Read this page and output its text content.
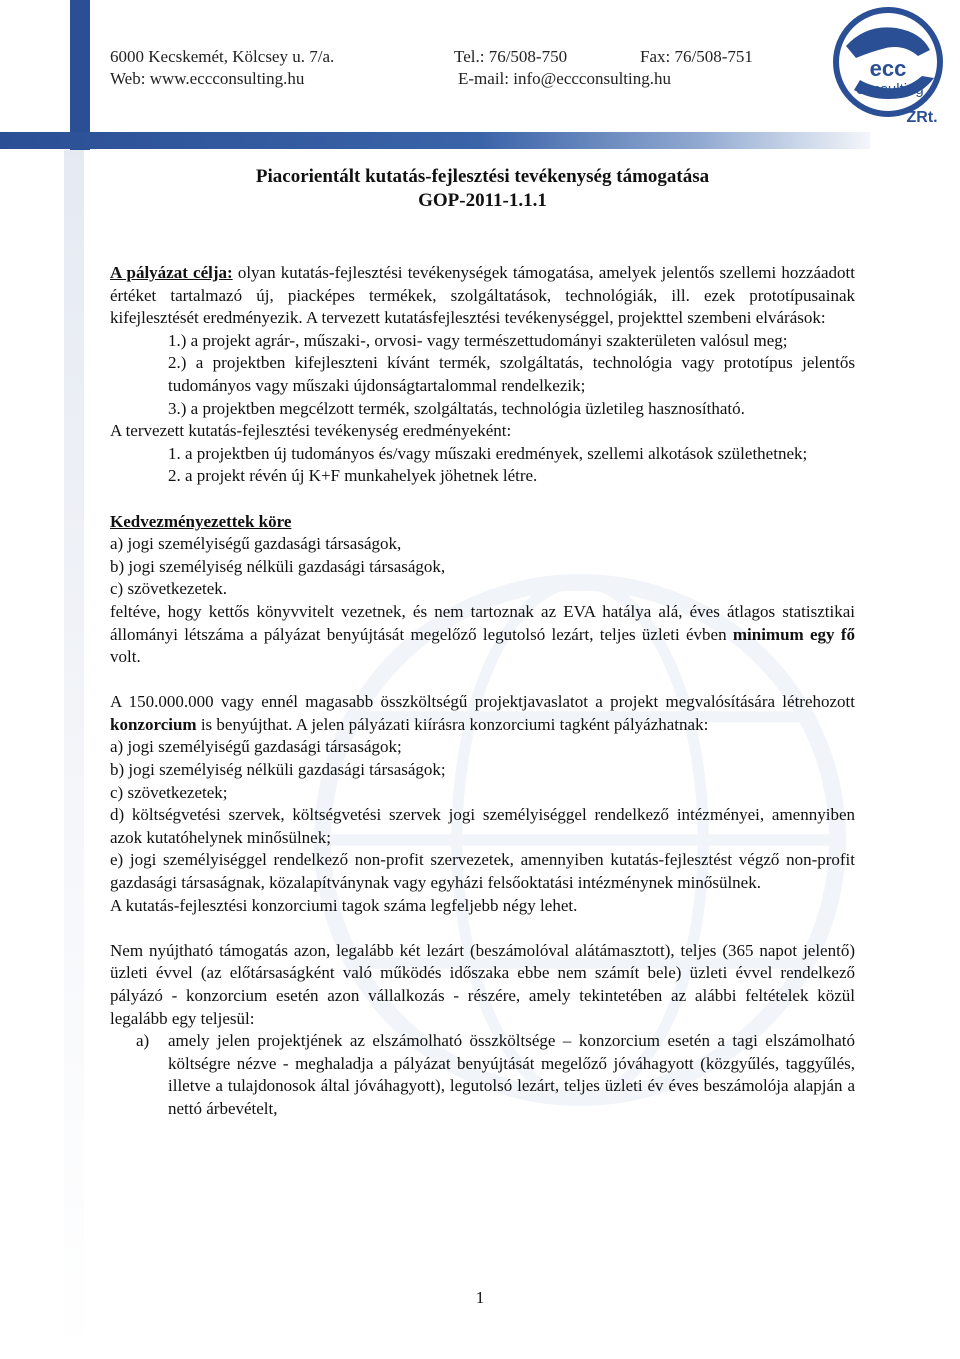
6000 Kecskemét, Kölcsey u. 7/a.	Tel.: 76/508-750	Fax: 76/508-751
Web: www.eccconsulting.hu	E-mail: info@eccconsulting.hu	ecc
consulting
ZRt.
Piacorientált kutatás-fejlesztési tevékenység támogatása
GOP-2011-1.1.1

A pályázat célja: olyan kutatás-fejlesztési tevékenységek támogatása, amelyek jelentős szellemi hozzáadott értéket tartalmazó új, piacképes termékek, szolgáltatások, technológiák, ill. ezek prototípusainak kifejlesztését eredményezik. A tervezett kutatásfejlesztési tevékenységgel, projekttel szembeni elvárások:

1.) a projekt agrár-, műszaki-, orvosi- vagy természettudományi szakterületen valósul meg;

2.) a projektben kifejleszteni kívánt termék, szolgáltatás, technológia vagy prototípus jelentős tudományos vagy műszaki újdonságtartalommal rendelkezik;

3.) a projektben megcélzott termék, szolgáltatás, technológia üzletileg hasznosítható.

A tervezett kutatás-fejlesztési tevékenység eredményeként:

1. a projektben új tudományos és/vagy műszaki eredmények, szellemi alkotások születhetnek;

2. a projekt révén új K+F munkahelyek jöhetnek létre.

Kedvezményezettek köre

a) jogi személyiségű gazdasági társaságok,

b) jogi személyiség nélküli gazdasági társaságok,

c) szövetkezetek.

feltéve, hogy kettős könyvvitelt vezetnek, és nem tartoznak az EVA hatálya alá, éves átlagos statisztikai állományi létszáma a pályázat benyújtását megelőző legutolsó lezárt, teljes üzleti évben minimum egy fő volt.

A 150.000.000 vagy ennél magasabb összköltségű projektjavaslatot a projekt megvalósítására létrehozott konzorcium is benyújthat. A jelen pályázati kiírásra konzorciumi tagként pályázhatnak:

a) jogi személyiségű gazdasági társaságok;

b) jogi személyiség nélküli gazdasági társaságok;

c) szövetkezetek;

d) költségvetési szervek, költségvetési szervek jogi személyiséggel rendelkező intézményei, amennyiben azok kutatóhelynek minősülnek;

e) jogi személyiséggel rendelkező non-profit szervezetek, amennyiben kutatás-fejlesztést végző non-profit gazdasági társaságnak, közalapítványnak vagy egyházi felsőoktatási intézménynek minősülnek.

A kutatás-fejlesztési konzorciumi tagok száma legfeljebb négy lehet.

Nem nyújtható támogatás azon, legalább két lezárt (beszámolóval alátámasztott), teljes (365 napot jelentő) üzleti évvel (az előtársaságként való működés időszaka ebbe nem számít bele) üzleti évvel rendelkező pályázó - konzorcium esetén azon vállalkozás - részére, amely tekintetében az alábbi feltételek közül legalább egy teljesül:

a)	amely jelen projektjének az elszámolható összköltsége – konzorcium esetén a tagi elszámolható költségre nézve - meghaladja a pályázat benyújtását megelőző jóváhagyott (közgyűlés, taggyűlés, illetve a tulajdonosok által jóváhagyott), legutolsó lezárt, teljes üzleti év éves beszámolója alapján a nettó árbevételt,
1
